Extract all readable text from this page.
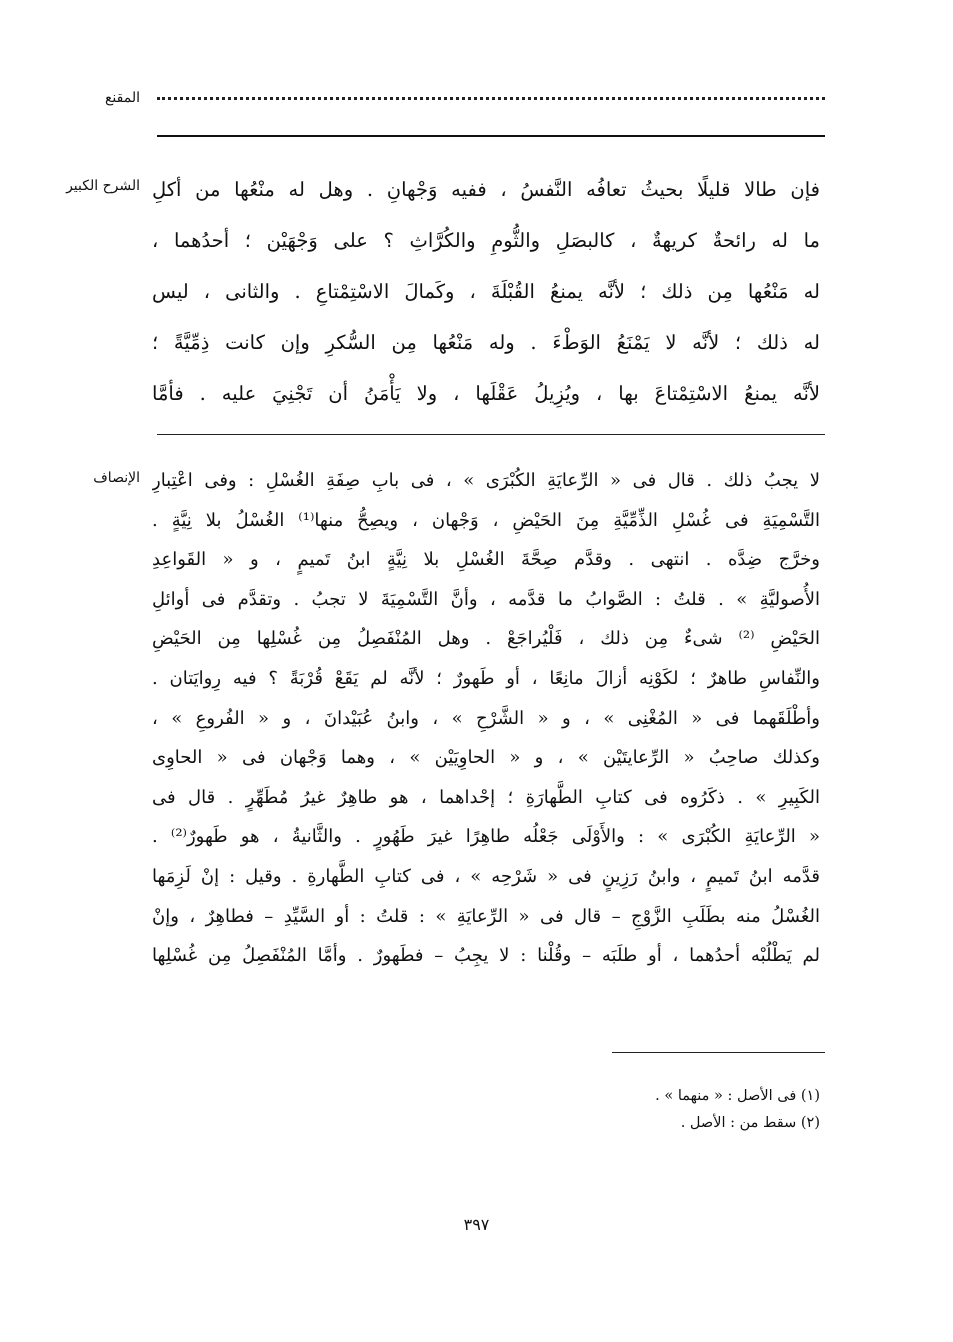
المقنع
الشرح الكبير فإن طالا قليلًا بحيثُ تعافُه النَّفسُ ، ففيه وَجْهانِ . وهل له منْعُها من أكلِ
ما له رائحةٌ كريهةٌ ، كالبصَلِ والثُّومِ والكُرَّاثِ ؟ على وَجْهَيْن ؛ أحدُهما ،
له مَنْعُها مِن ذلك ؛ لأنَّه يمنعُ القُبْلَةَ ، وكَمالَ الاسْتِمْتاعِ . والثانى ، ليس
له ذلك ؛ لأنَّه لا يَمْنَعُ الوَطْءَ . وله مَنْعُها مِن السُّكرِ وإن كانت ذِمِّيَّةً ؛
لأنَّه يمنعُ الاسْتِمْتاعَ بها ، ويُزِيلُ عَقْلَها ، ولا يَأْمَنُ أن تَجْنِيَ عليه . فأمَّا
الإنصاف لا يجبُ ذلك . قال فى « الرِّعايَةِ الكُبْرَى » ، فى بابِ صِفَةِ الغُسْلِ : وفى اعْتِبارِ
التَّسْمِيَةِ فى غُسْلِ الذِّمِّيَّةِ مِنَ الحَيْضِ ، وَجْهان ، ويصِحُّ منها⁽¹⁾ الغُسْلُ بلا نِيَّةٍ .
وخرَّج ضِدَّه . انتهى . وقدَّم صِحَّةَ الغُسْلِ بلا نِيَّةٍ ابنُ تَميمٍ ، و « القَواعِدِ
الأُصوليَّةِ » . قلتُ : الصَّوابُ ما قدَّمه ، وأنَّ التَّسْمِيَةَ لا تجبُ . وتقدَّم فى أوائلِ
الحَيْضِ ⁽²⁾ شىءٌ مِن ذلك ، فَلْيُراجَعْ . وهل المُنْفَصِلُ مِن غُسْلِها مِن الحَيْضِ
والنِّفاسِ طاهرٌ ؛ لكَوْنِه أزالَ مانِعًا ، أو طَهورٌ ؛ لأنَّه لم يَقَعْ قُرْبَةً ؟ فيه رِوايَتان .
وأطْلَقَهما فى « المُغْنِى » ، و « الشَّرْحِ » ، وابنُ عُبَيْدانَ ، و « الفُروعِ » ،
وكذلك صاحِبُ « الرِّعايتَيْن » ، و « الحاوِيَيْن » ، وهما وَجْهان فى « الحاوِى
الكَبِيرِ » . ذكَرُوه فى كتابِ الطَّهارَةِ ؛ إحْداهما ، هو طاهِرٌ غيرُ مُطَهِّرٍ . قال فى
« الرِّعايَةِ الكُبْرَى » : والأَوْلَى جَعْلُه طاهِرًا غيرَ طَهُورٍ . والثَّانيةُ ، هو طَهورٌ⁽²⁾ .
قدَّمه ابنُ تَميمٍ ، وابنُ رَزِينٍ فى « شَرْحِه » ، فى كتابِ الطَّهارةِ . وقيل : إنْ لَزِمَها
الغُسْلُ منه بطَلَبِ الزَّوْجِ – قال فى « الرِّعايَةِ » : قلتُ : أو السَّيِّدِ – فطاهِرٌ ، وإنْ
لم يَطْلُبْه أحدُهما ، أو طلَبَه – وقُلْنا : لا يجِبُ – فطَهورٌ . وأمَّا المُنْفَصِلُ مِن غُسْلِها
(١) فى الأصل : « منهما » .
(٢) سقط من : الأصل .
٣٩٧
